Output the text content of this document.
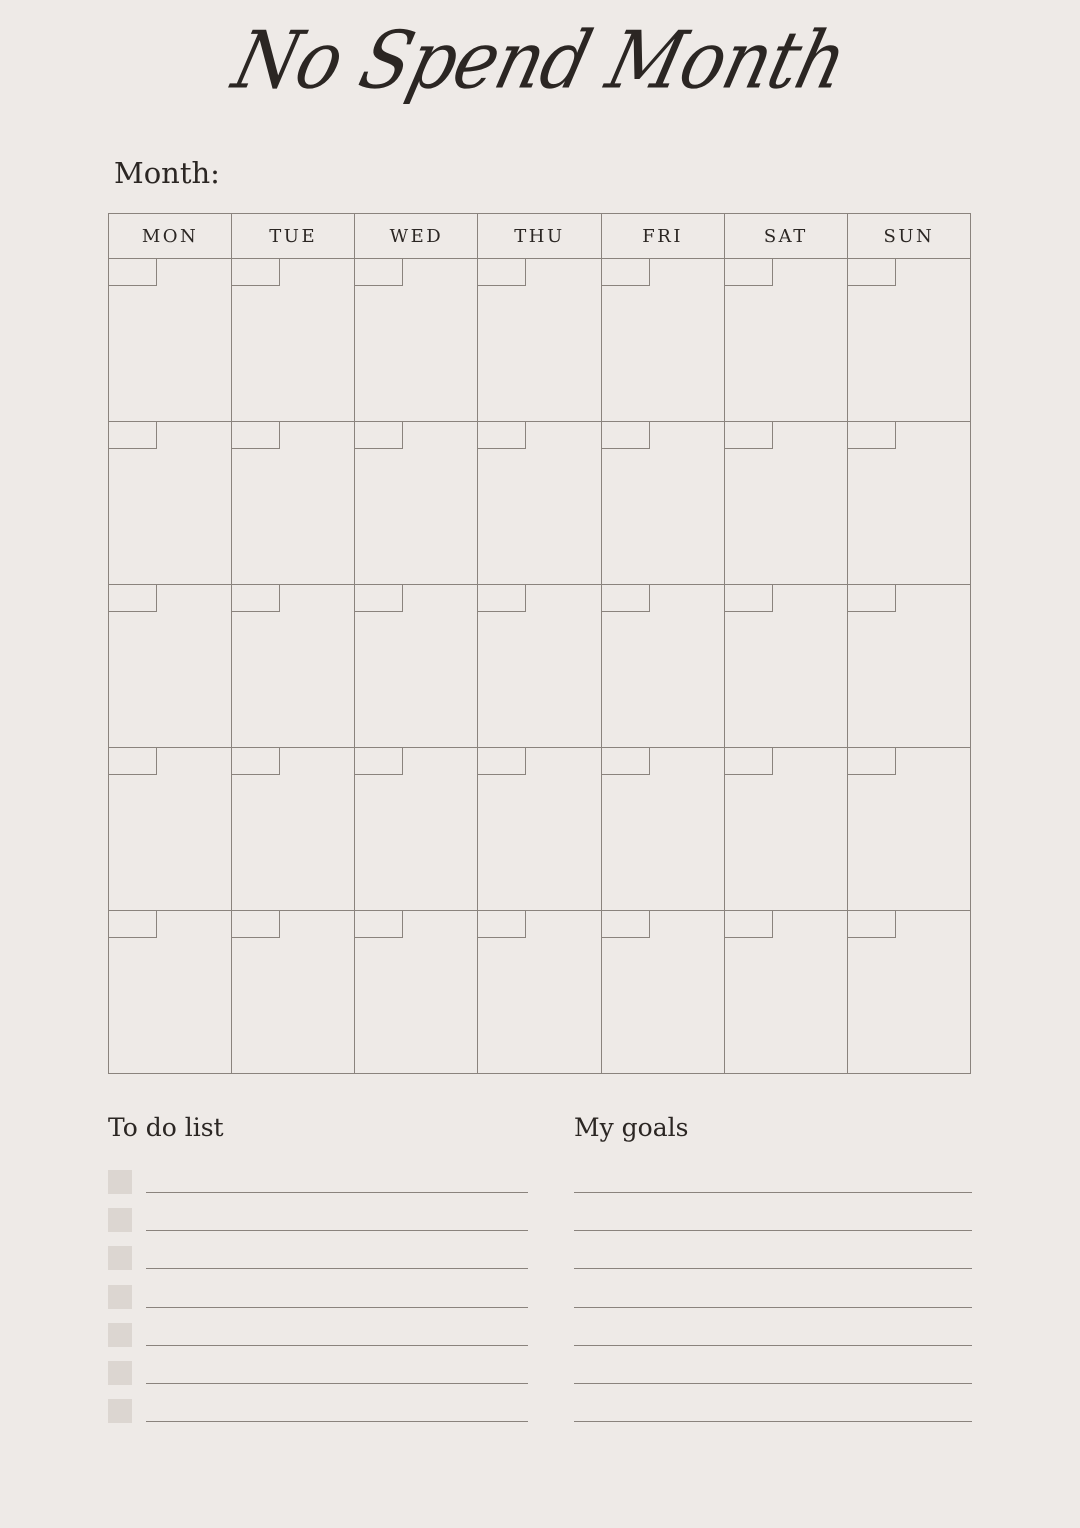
No Spend Month
Month:
MON	TUE	WED	THU	FRI	SAT	SUN
To do list	My goals
